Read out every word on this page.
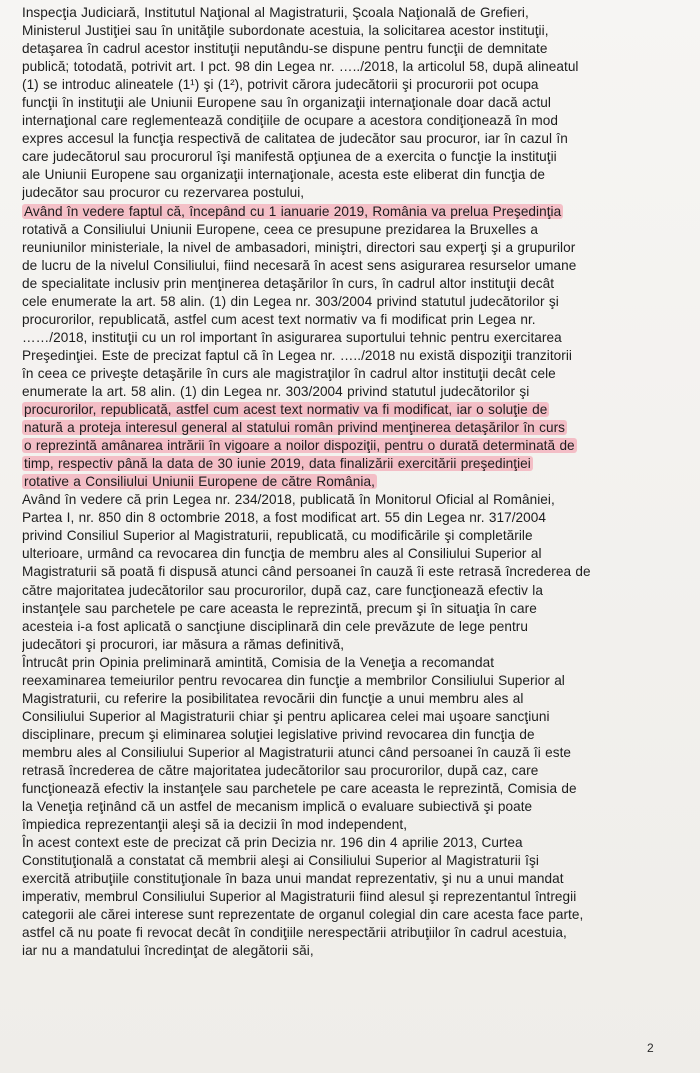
Inspecţia Judiciară, Institutul Naţional al Magistraturii, Şcoala Naţională de Grefieri,
Ministerul Justiţiei sau în unităţile subordonate acestuia, la solicitarea acestor instituţii,
detaşarea în cadrul acestor instituţii neputându-se dispune pentru funcţii de demnitate
publică; totodată, potrivit art. I pct. 98 din Legea nr. …../2018, la articolul 58, după alineatul
(1) se introduc alineatele (1¹) şi (1²), potrivit cărora judecătorii şi procurorii pot ocupa
funcţii în instituţii ale Uniunii Europene sau în organizaţii internaţionale doar dacă actul
internaţional care reglementează condiţiile de ocupare a acestora condiţionează în mod
expres accesul la funcţia respectivă de calitatea de judecător sau procuror, iar în cazul în
care judecătorul sau procurorul îşi manifestă opţiunea de a exercita o funcţie la instituţii
ale Uniunii Europene sau organizaţii internaţionale, acesta este eliberat din funcţia de
judecător sau procuror cu rezervarea postului,
Având în vedere faptul că, începând cu 1 ianuarie 2019, România va prelua Preşedinţia
rotativă a Consiliului Uniunii Europene, ceea ce presupune prezidarea la Bruxelles a
reuniunilor ministeriale, la nivel de ambasadori, miniştri, directori sau experţi şi a grupurilor
de lucru de la nivelul Consiliului, fiind necesară în acest sens asigurarea resurselor umane
de specialitate inclusiv prin menţinerea detaşărilor în curs, în cadrul altor instituţii decât
cele enumerate la art. 58 alin. (1) din Legea nr. 303/2004 privind statutul judecătorilor şi
procurorilor, republicată, astfel cum acest text normativ va fi modificat prin Legea nr.
……/2018, instituţii cu un rol important în asigurarea suportului tehnic pentru exercitarea
Preşedinţiei. Este de precizat faptul că în Legea nr. …../2018 nu există dispoziţii tranzitorii
în ceea ce priveşte detaşările în curs ale magistraţilor în cadrul altor instituţii decât cele
enumerate la art. 58 alin. (1) din Legea nr. 303/2004 privind statutul judecătorilor şi
procurorilor, republicată, astfel cum acest text normativ va fi modificat, iar o soluţie de
natură a proteja interesul general al statului român privind menţinerea detaşărilor în curs
o reprezintă amânarea intrării în vigoare a noilor dispoziţii, pentru o durată determinată de
timp, respectiv până la data de 30 iunie 2019, data finalizării exercitării preşedinţiei
rotative a Consiliului Uniunii Europene de către România,
Având în vedere că prin Legea nr. 234/2018, publicată în Monitorul Oficial al României,
Partea I, nr. 850 din 8 octombrie 2018, a fost modificat art. 55 din Legea nr. 317/2004
privind Consiliul Superior al Magistraturii, republicată, cu modificările şi completările
ulterioare, urmând ca revocarea din funcţia de membru ales al Consiliului Superior al
Magistraturii să poată fi dispusă atunci când persoanei în cauză îi este retrasă încrederea de
către majoritatea judecătorilor sau procurorilor, după caz, care funcţionează efectiv la
instanţele sau parchetele pe care aceasta le reprezintă, precum şi în situaţia în care
acesteia i-a fost aplicată o sancţiune disciplinară din cele prevăzute de lege pentru
judecători şi procurori, iar măsura a rămas definitivă,
Întrucât prin Opinia preliminară amintită, Comisia de la Veneţia a recomandat
reexaminarea temeiurilor pentru revocarea din funcţie a membrilor Consiliului Superior al
Magistraturii, cu referire la posibilitatea revocării din funcţie a unui membru ales al
Consiliului Superior al Magistraturii chiar şi pentru aplicarea celei mai uşoare sancţiuni
disciplinare, precum şi eliminarea soluţiei legislative privind revocarea din funcţia de
membru ales al Consiliului Superior al Magistraturii atunci când persoanei în cauză îi este
retrasă încrederea de către majoritatea judecătorilor sau procurorilor, după caz, care
funcţionează efectiv la instanţele sau parchetele pe care aceasta le reprezintă, Comisia de
la Veneţia reţinând că un astfel de mecanism implică o evaluare subiectivă şi poate
împiedica reprezentanţii aleşi să ia decizii în mod independent,
În acest context este de precizat că prin Decizia nr. 196 din 4 aprilie 2013, Curtea
Constituţională a constatat că membrii aleşi ai Consiliului Superior al Magistraturii îşi
exercită atribuţiile constituţionale în baza unui mandat reprezentativ, şi nu a unui mandat
imperativ, membrul Consiliului Superior al Magistraturii fiind alesul şi reprezentantul întregii
categorii ale cărei interese sunt reprezentate de organul colegial din care acesta face parte,
astfel că nu poate fi revocat decât în condiţiile nerespectării atribuţiilor în cadrul acestuia,
iar nu a mandatului încredinţat de alegătorii săi,
2
